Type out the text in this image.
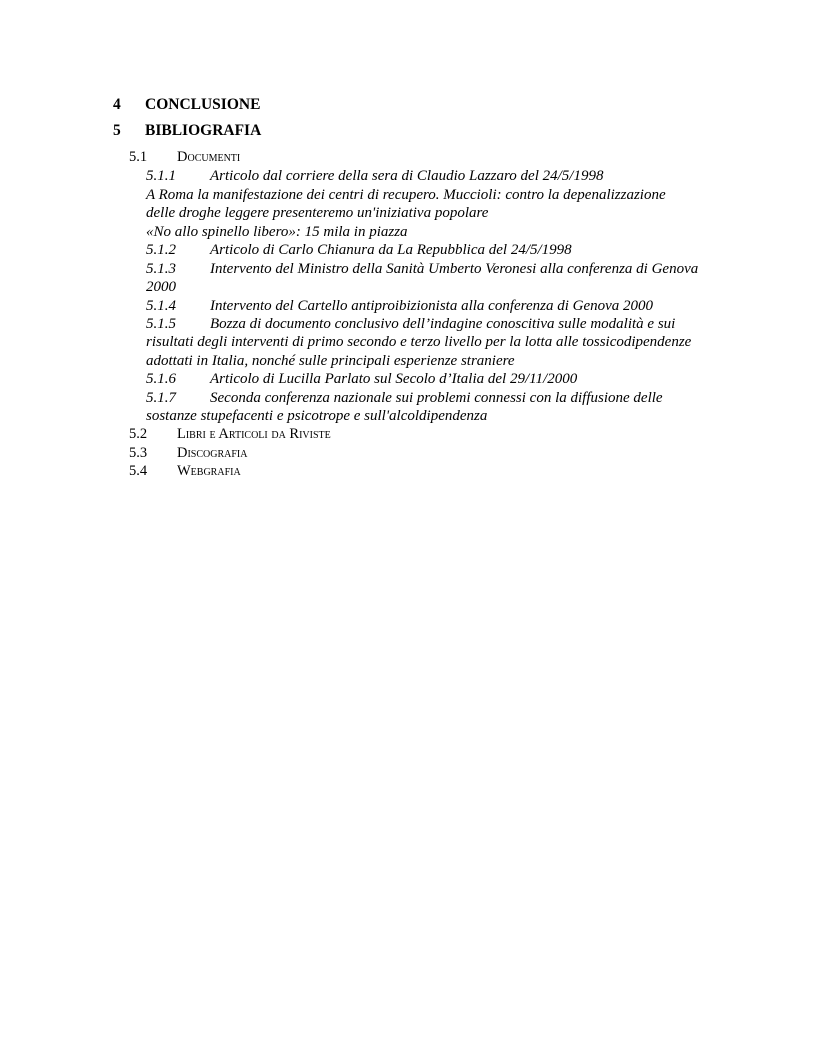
4 CONCLUSIONE
5 BIBLIOGRAFIA
5.1 Documenti
5.1.1 Articolo dal corriere della sera di Claudio Lazzaro del 24/5/1998
A Roma la manifestazione dei centri di recupero. Muccioli: contro la depenalizzazione
delle droghe leggere presenteremo un'iniziativa popolare
«No allo spinello libero»: 15 mila in piazza
5.1.2 Articolo di Carlo Chianura da La Repubblica del 24/5/1998
5.1.3 Intervento del Ministro della Sanità Umberto Veronesi alla conferenza di Genova 2000
5.1.4 Intervento del Cartello antiproibizionista alla conferenza di Genova 2000
5.1.5 Bozza di documento conclusivo dell’indagine conoscitiva sulle modalità e sui risultati degli interventi di primo secondo e terzo livello per la lotta alle tossicodipendenze adottati in Italia, nonché sulle principali esperienze straniere
5.1.6 Articolo di Lucilla Parlato sul Secolo d’Italia del 29/11/2000
5.1.7 Seconda conferenza nazionale sui problemi connessi con la diffusione delle sostanze stupefacenti e psicotrope e sull'alcoldipendenza
5.2 Libri e Articoli da Riviste
5.3 Discografia
5.4 Webgrafia
